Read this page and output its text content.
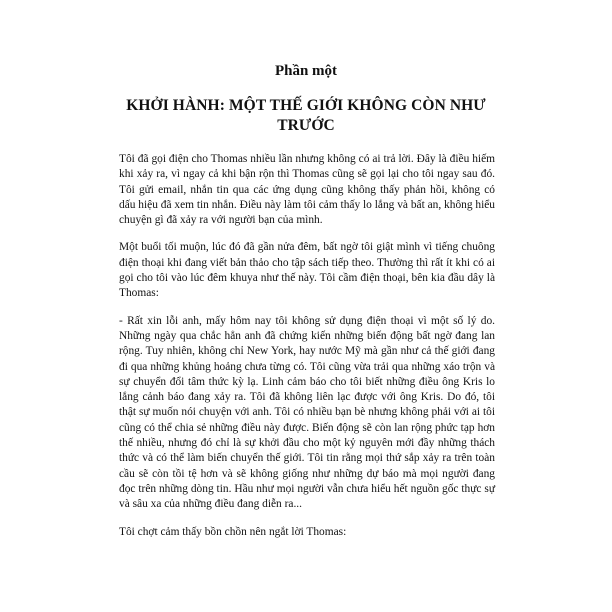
Phần một
KHỞI HÀNH: MỘT THẾ GIỚI KHÔNG CÒN NHƯ TRƯỚC

Tôi đã gọi điện cho Thomas nhiều lần nhưng không có ai trả lời. Đây là điều hiếm khi xảy ra, vì ngay cả khi bận rộn thì Thomas cũng sẽ gọi lại cho tôi ngay sau đó. Tôi gửi email, nhắn tin qua các ứng dụng cũng không thấy phản hồi, không có dấu hiệu đã xem tin nhắn. Điều này làm tôi cảm thấy lo lắng và bất an, không hiểu chuyện gì đã xảy ra với người bạn của mình.

Một buổi tối muộn, lúc đó đã gần nửa đêm, bất ngờ tôi giật mình vì tiếng chuông điện thoại khi đang viết bản thảo cho tập sách tiếp theo. Thường thì rất ít khi có ai gọi cho tôi vào lúc đêm khuya như thế này. Tôi cầm điện thoại, bên kia đầu dây là Thomas:

- Rất xin lỗi anh, mấy hôm nay tôi không sử dụng điện thoại vì một số lý do. Những ngày qua chắc hẳn anh đã chứng kiến những biến động bất ngờ đang lan rộng. Tuy nhiên, không chỉ New York, hay nước Mỹ mà gần như cả thế giới đang đi qua những khủng hoảng chưa từng có. Tôi cũng vừa trải qua những xáo trộn và sự chuyển đổi tâm thức kỳ lạ. Linh cảm báo cho tôi biết những điều ông Kris lo lắng cảnh báo đang xảy ra. Tôi đã không liên lạc được với ông Kris. Do đó, tôi thật sự muốn nói chuyện với anh. Tôi có nhiều bạn bè nhưng không phải với ai tôi cũng có thể chia sẻ những điều này được. Biến động sẽ còn lan rộng phức tạp hơn thế nhiều, nhưng đó chỉ là sự khởi đầu cho một kỷ nguyên mới đầy những thách thức và có thể làm biến chuyển thế giới. Tôi tin rằng mọi thứ sắp xảy ra trên toàn cầu sẽ còn tồi tệ hơn và sẽ không giống như những dự báo mà mọi người đang đọc trên những dòng tin. Hầu như mọi người vẫn chưa hiểu hết nguồn gốc thực sự và sâu xa của những điều đang diễn ra...

Tôi chợt cảm thấy bồn chồn nên ngắt lời Thomas:
